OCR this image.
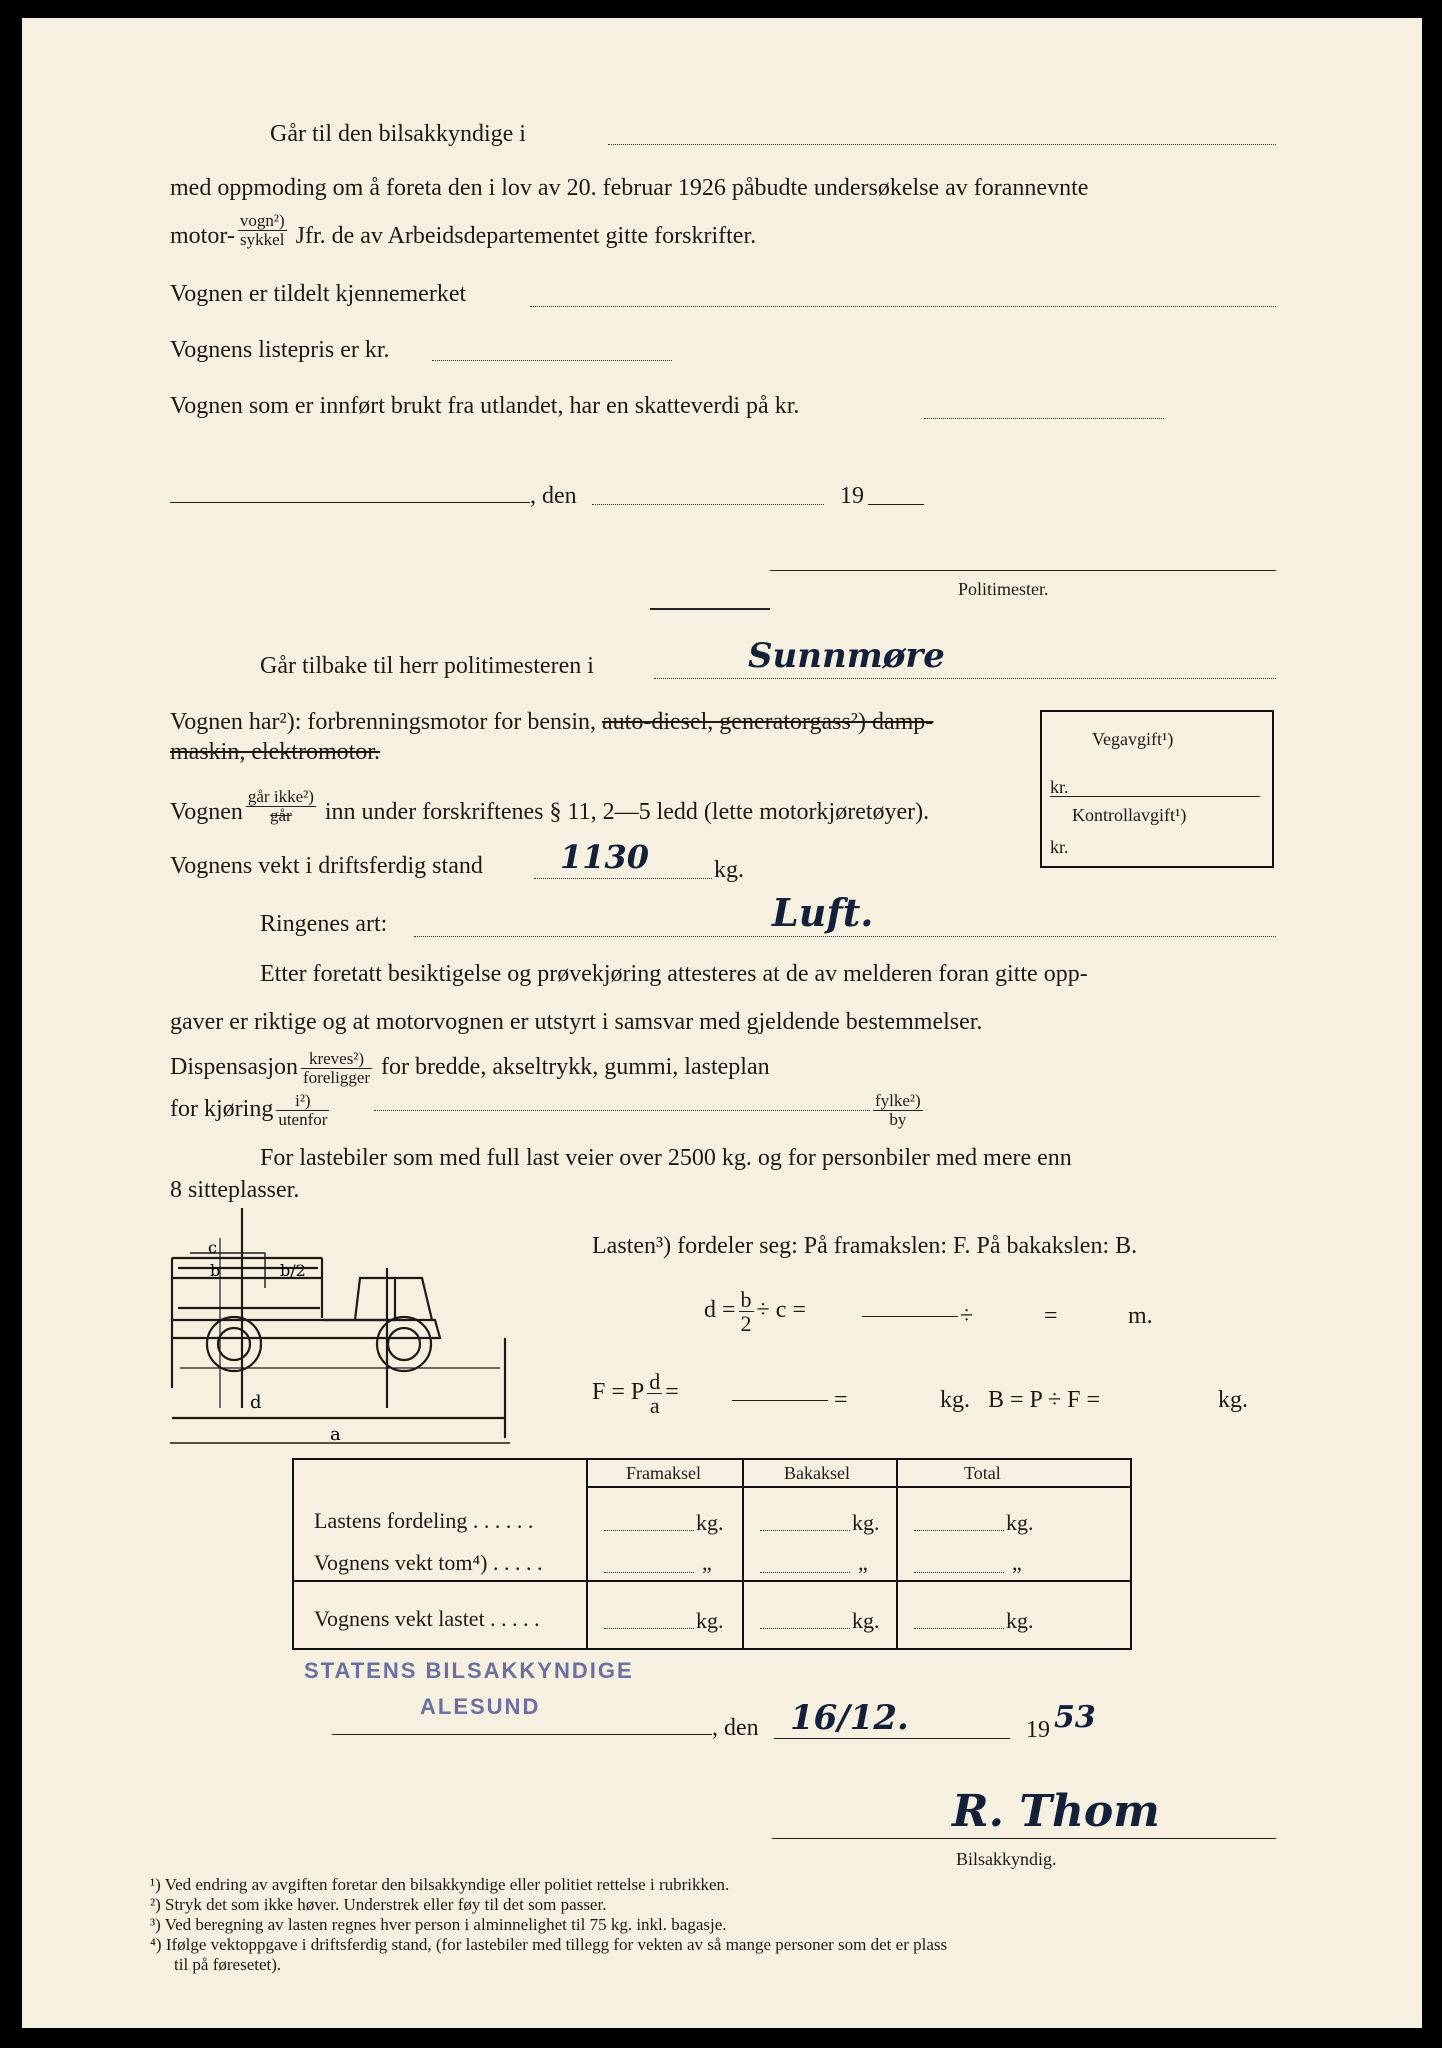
Går til den bilsakkyndige i
med oppmoding om å foreta den i lov av 20. februar 1926 påbudte undersøkelse av forannevnte
motor- $\frac{\text{vogn²)}}{\text{sykkel}}$ Jfr. de av Arbeidsdepartementet gitte forskrifter.
Vognen er tildelt kjennemerket
Vognens listepris er kr.
Vognen som er innført brukt fra utlandet, har en skatteverdi på kr.
, den	19
Politimester.
Går tilbake til herr politimesteren i	Sunnmøre
Vognen har²): forbrenningsmotor for bensin, auto-diesel, generatorgass²) damp-
maskin, elektromotor.
Vognen $\frac{\text{går ikke²)}}{\text{går}}$ inn under forskriftenes § 11, 2—5 ledd (lette motorkjøretøyer).
Vognens vekt i driftsferdig stand 1130	kg.
Ringenes art:	Luft.
Etter foretatt besiktigelse og prøvekjøring attesteres at de av melderen foran gitte opp-
gaver er riktige og at motorvognen er utstyrt i samsvar med gjeldende bestemmelser.
Dispensasjon $\frac{\text{kreves²)}}{\text{foreligger}}$ for bredde, akseltrykk, gummi, lasteplan
for kjøring $\frac{\text{i²)}}{\text{utenfor}}$	$\frac{\text{fylke²)}}{by}$
Vegavgift¹)
kr.
Kontrollavgift¹)
kr.
For lastebiler som med full last veier over 2500 kg. og for personbiler med mere enn
8 sitteplasser.
c
b	b/2
d
a
Lasten³) fordeler seg: På framakslen: F. På bakakslen: B.
$d = \frac{b}{2} \div c$ =	÷	=	m.
F = P $\frac{d}{a}$ =	=	kg. B = P ÷ F =	kg.
Framaksel	Bakaksel	Total
Lastens fordeling . . . . . .	kg.	kg.	kg.
Vognens vekt tom⁴) . . . . .	„	„	„
Vognens vekt lastet . . . . .	kg.	kg.	kg.
STATENS BILSAKKYNDIGE
ALESUND
, den 16/12.	19 53
R. Thom
Bilsakkyndig.
¹) Ved endring av avgiften foretar den bilsakkyndige eller politiet rettelse i rubrikken.
²) Stryk det som ikke høver. Understrek eller føy til det som passer.
³) Ved beregning av lasten regnes hver person i alminnelighet til 75 kg. inkl. bagasje.
⁴) Ifølge vektoppgave i driftsferdig stand, (for lastebiler med tillegg for vekten av så mange personer som det er plass
til på føresetet).
